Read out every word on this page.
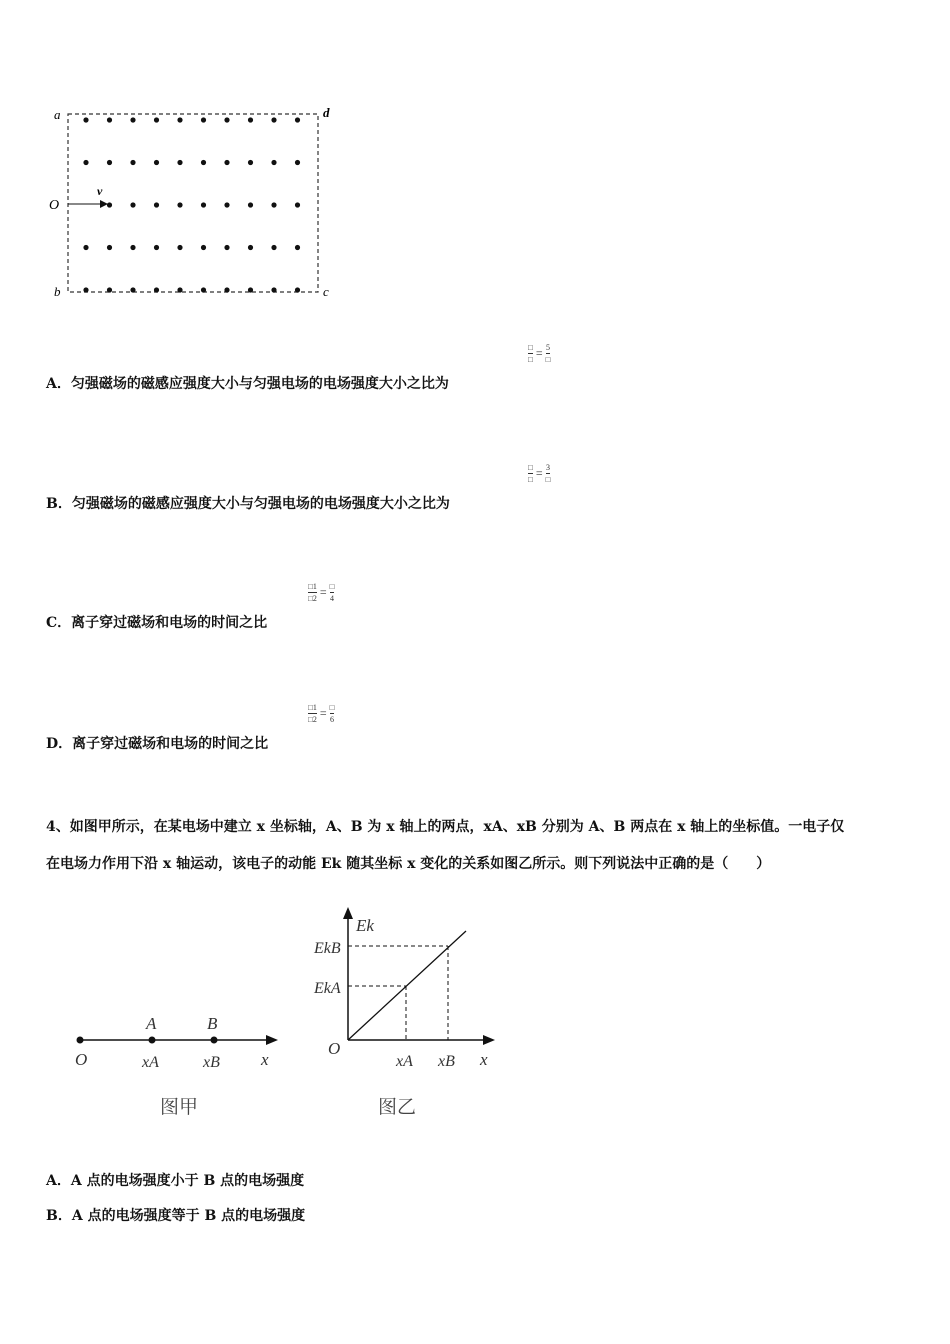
a	d
b	c
O
v
□
□ = 5
□
A．匀强磁场的磁感应强度大小与匀强电场的电场强度大小之比为
□
□ = 3
□
B．匀强磁场的磁感应强度大小与匀强电场的电场强度大小之比为
$\frac{□1}{□2}$ = □
4
C．离子穿过磁场和电场的时间之比
$\frac{□1}{□2}$ = □
6
D．离子穿过磁场和电场的时间之比
4、如图甲所示，在某电场中建立 x 坐标轴，A、B 为 x 轴上的两点，xA、xB 分别为 A、B 两点在 x 轴上的坐标值。一电子仅
在电场力作用下沿 x 轴运动，该电子的动能 Ek 随其坐标 x 变化的关系如图乙所示。则下列说法中正确的是（　　）
A	B
O	xA	xB x
图甲
Ek
EkB
EkA
O
xA xB x
图乙
A．A 点的电场强度小于 B 点的电场强度
B．A 点的电场强度等于 B 点的电场强度
